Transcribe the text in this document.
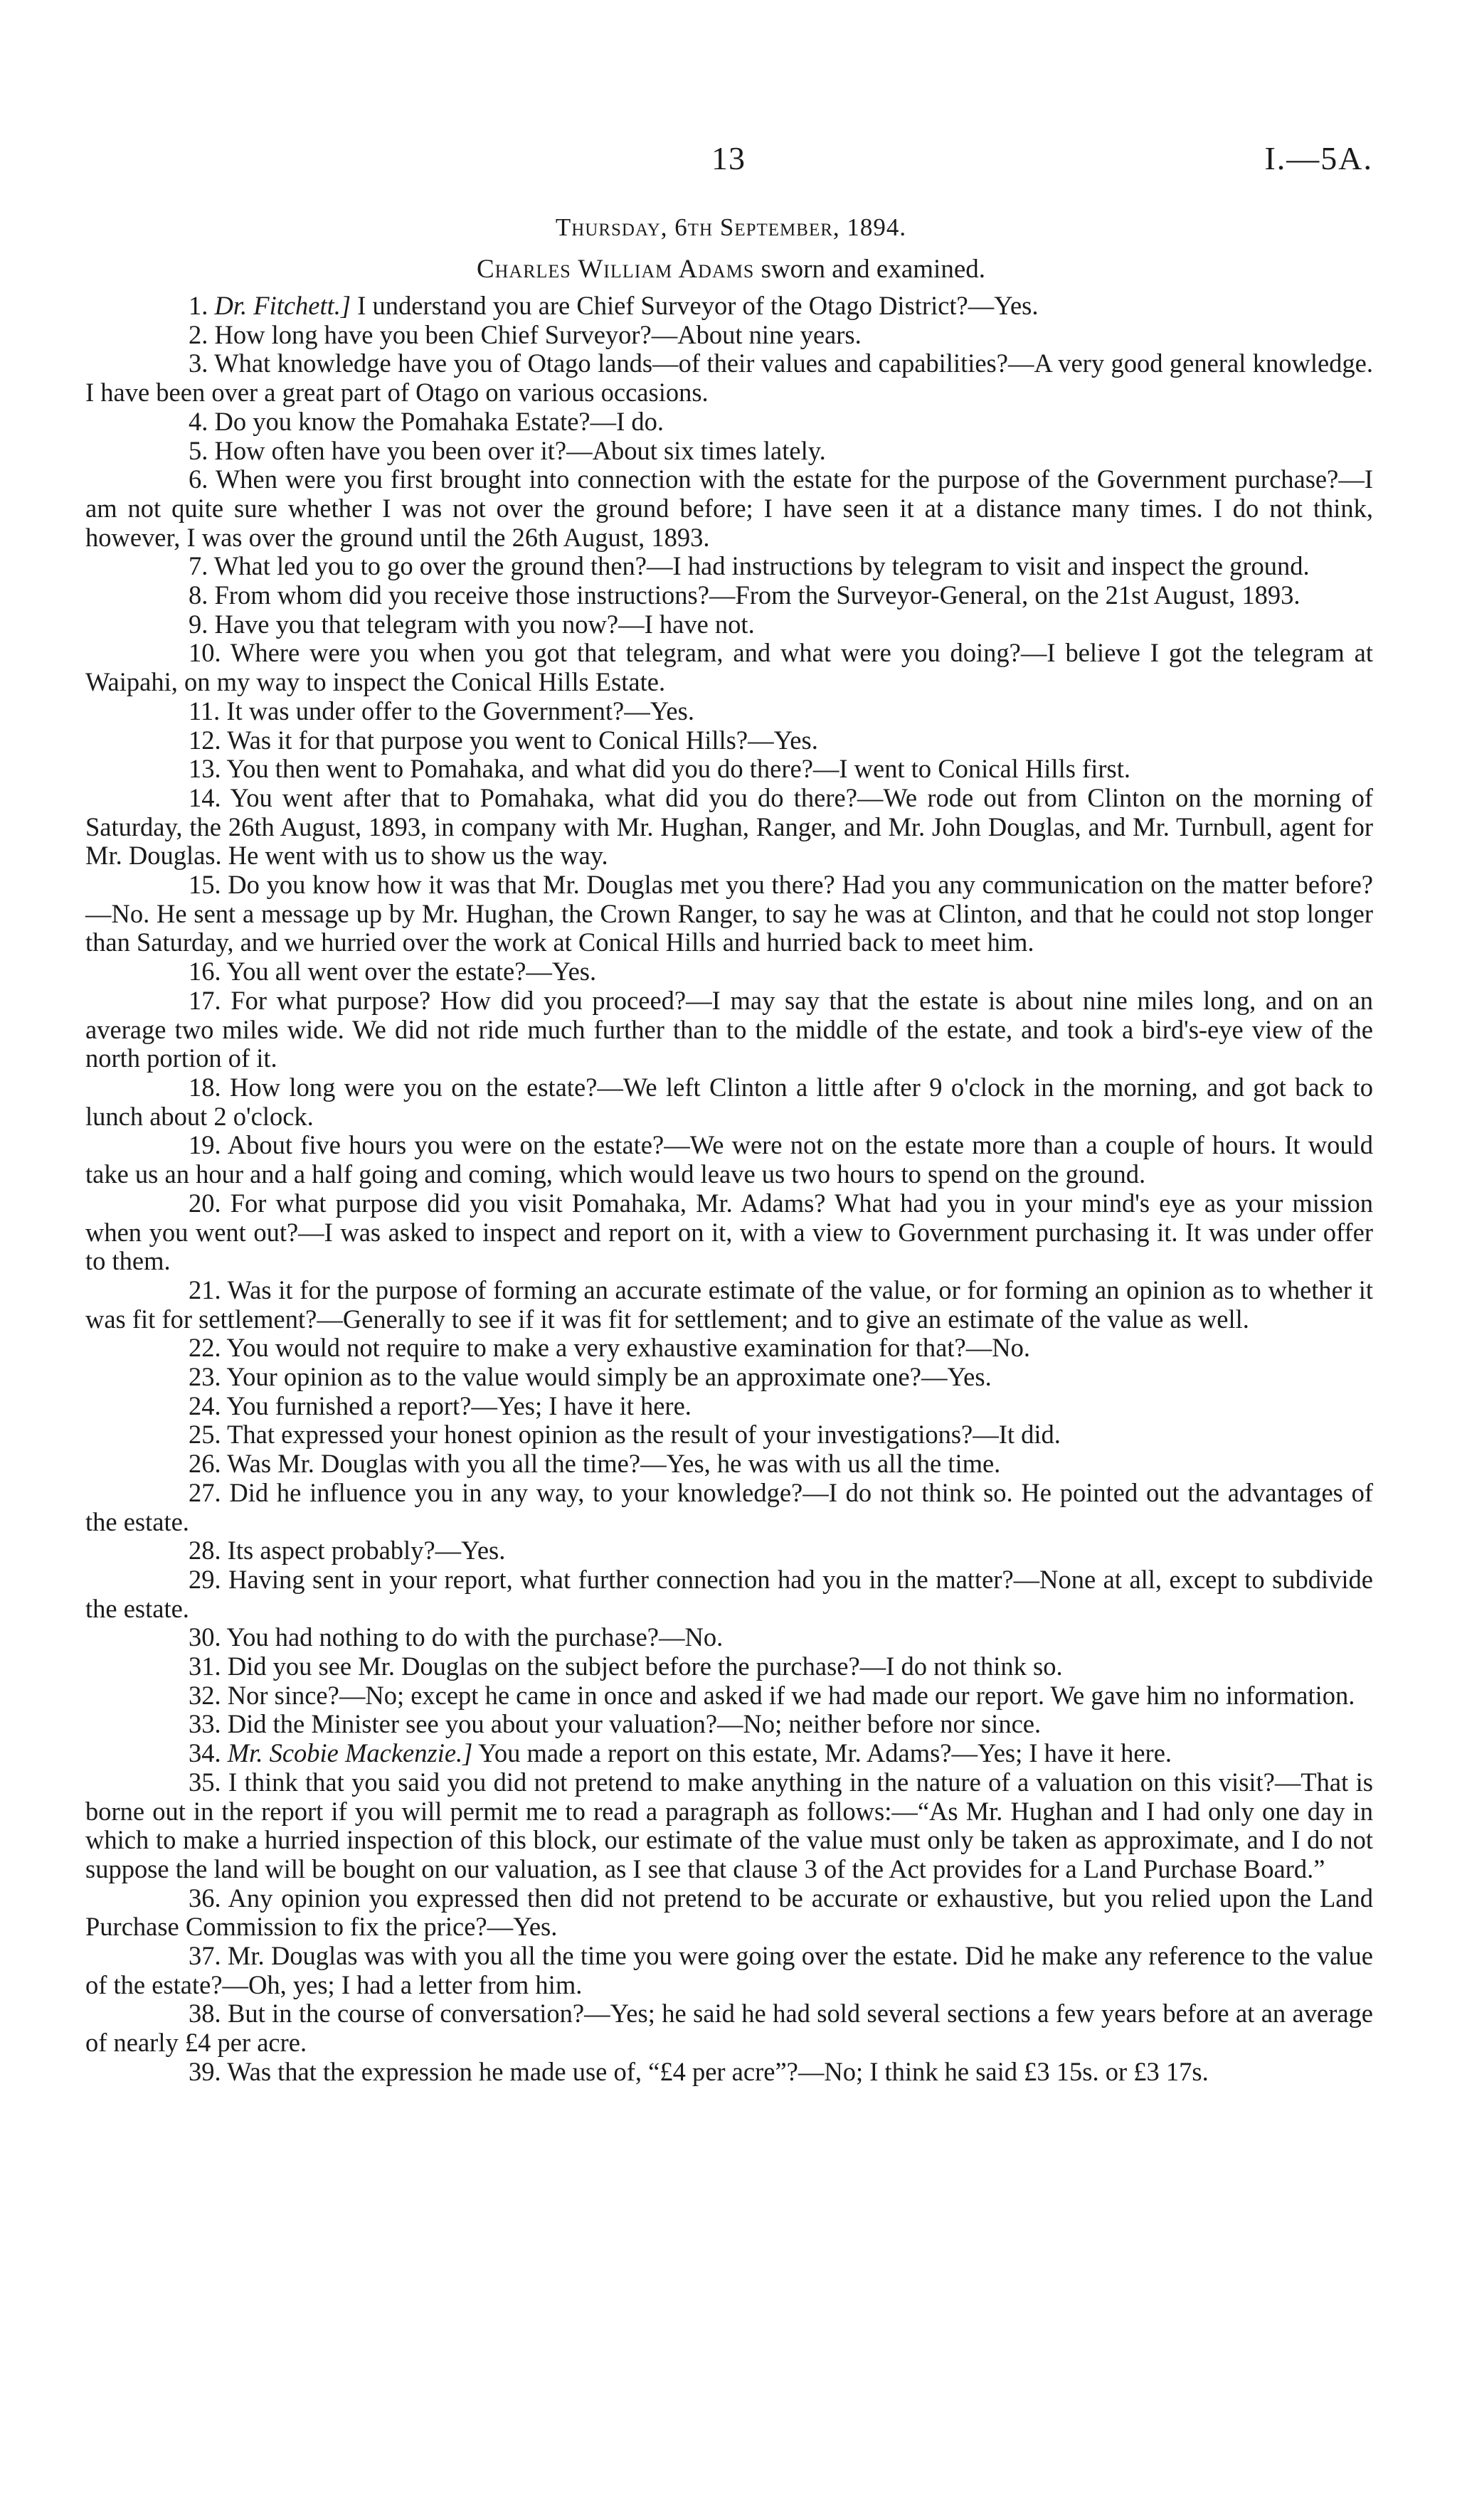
13	I.—5A.
Thursday, 6th September, 1894.
Charles William Adams sworn and examined.

1. Dr. Fitchett.] I understand you are Chief Surveyor of the Otago District?—Yes.

2. How long have you been Chief Surveyor?—About nine years.

3. What knowledge have you of Otago lands—of their values and capabilities?—A very good general knowledge. I have been over a great part of Otago on various occasions.

4. Do you know the Pomahaka Estate?—I do.

5. How often have you been over it?—About six times lately.

6. When were you first brought into connection with the estate for the purpose of the Government purchase?—I am not quite sure whether I was not over the ground before; I have seen it at a distance many times. I do not think, however, I was over the ground until the 26th August, 1893.

7. What led you to go over the ground then?—I had instructions by telegram to visit and inspect the ground.

8. From whom did you receive those instructions?—From the Surveyor-General, on the 21st August, 1893.

9. Have you that telegram with you now?—I have not.

10. Where were you when you got that telegram, and what were you doing?—I believe I got the telegram at Waipahi, on my way to inspect the Conical Hills Estate.

11. It was under offer to the Government?—Yes.

12. Was it for that purpose you went to Conical Hills?—Yes.

13. You then went to Pomahaka, and what did you do there?—I went to Conical Hills first.

14. You went after that to Pomahaka, what did you do there?—We rode out from Clinton on the morning of Saturday, the 26th August, 1893, in company with Mr. Hughan, Ranger, and Mr. John Douglas, and Mr. Turnbull, agent for Mr. Douglas. He went with us to show us the way.

15. Do you know how it was that Mr. Douglas met you there? Had you any communication on the matter before?—No. He sent a message up by Mr. Hughan, the Crown Ranger, to say he was at Clinton, and that he could not stop longer than Saturday, and we hurried over the work at Conical Hills and hurried back to meet him.

16. You all went over the estate?—Yes.

17. For what purpose? How did you proceed?—I may say that the estate is about nine miles long, and on an average two miles wide. We did not ride much further than to the middle of the estate, and took a bird's-eye view of the north portion of it.

18. How long were you on the estate?—We left Clinton a little after 9 o'clock in the morning, and got back to lunch about 2 o'clock.

19. About five hours you were on the estate?—We were not on the estate more than a couple of hours. It would take us an hour and a half going and coming, which would leave us two hours to spend on the ground.

20. For what purpose did you visit Pomahaka, Mr. Adams? What had you in your mind's eye as your mission when you went out?—I was asked to inspect and report on it, with a view to Government purchasing it. It was under offer to them.

21. Was it for the purpose of forming an accurate estimate of the value, or for forming an opinion as to whether it was fit for settlement?—Generally to see if it was fit for settlement; and to give an estimate of the value as well.

22. You would not require to make a very exhaustive examination for that?—No.

23. Your opinion as to the value would simply be an approximate one?—Yes.

24. You furnished a report?—Yes; I have it here.

25. That expressed your honest opinion as the result of your investigations?—It did.

26. Was Mr. Douglas with you all the time?—Yes, he was with us all the time.

27. Did he influence you in any way, to your knowledge?—I do not think so. He pointed out the advantages of the estate.

28. Its aspect probably?—Yes.

29. Having sent in your report, what further connection had you in the matter?—None at all, except to subdivide the estate.

30. You had nothing to do with the purchase?—No.

31. Did you see Mr. Douglas on the subject before the purchase?—I do not think so.

32. Nor since?—No; except he came in once and asked if we had made our report. We gave him no information.

33. Did the Minister see you about your valuation?—No; neither before nor since.

34. Mr. Scobie Mackenzie.] You made a report on this estate, Mr. Adams?—Yes; I have it here.

35. I think that you said you did not pretend to make anything in the nature of a valuation on this visit?—That is borne out in the report if you will permit me to read a paragraph as follows:—“As Mr. Hughan and I had only one day in which to make a hurried inspection of this block, our estimate of the value must only be taken as approximate, and I do not suppose the land will be bought on our valuation, as I see that clause 3 of the Act provides for a Land Purchase Board.”

36. Any opinion you expressed then did not pretend to be accurate or exhaustive, but you relied upon the Land Purchase Commission to fix the price?—Yes.

37. Mr. Douglas was with you all the time you were going over the estate. Did he make any reference to the value of the estate?—Oh, yes; I had a letter from him.

38. But in the course of conversation?—Yes; he said he had sold several sections a few years before at an average of nearly £4 per acre.

39. Was that the expression he made use of, “£4 per acre”?—No; I think he said £3 15s. or £3 17s.
